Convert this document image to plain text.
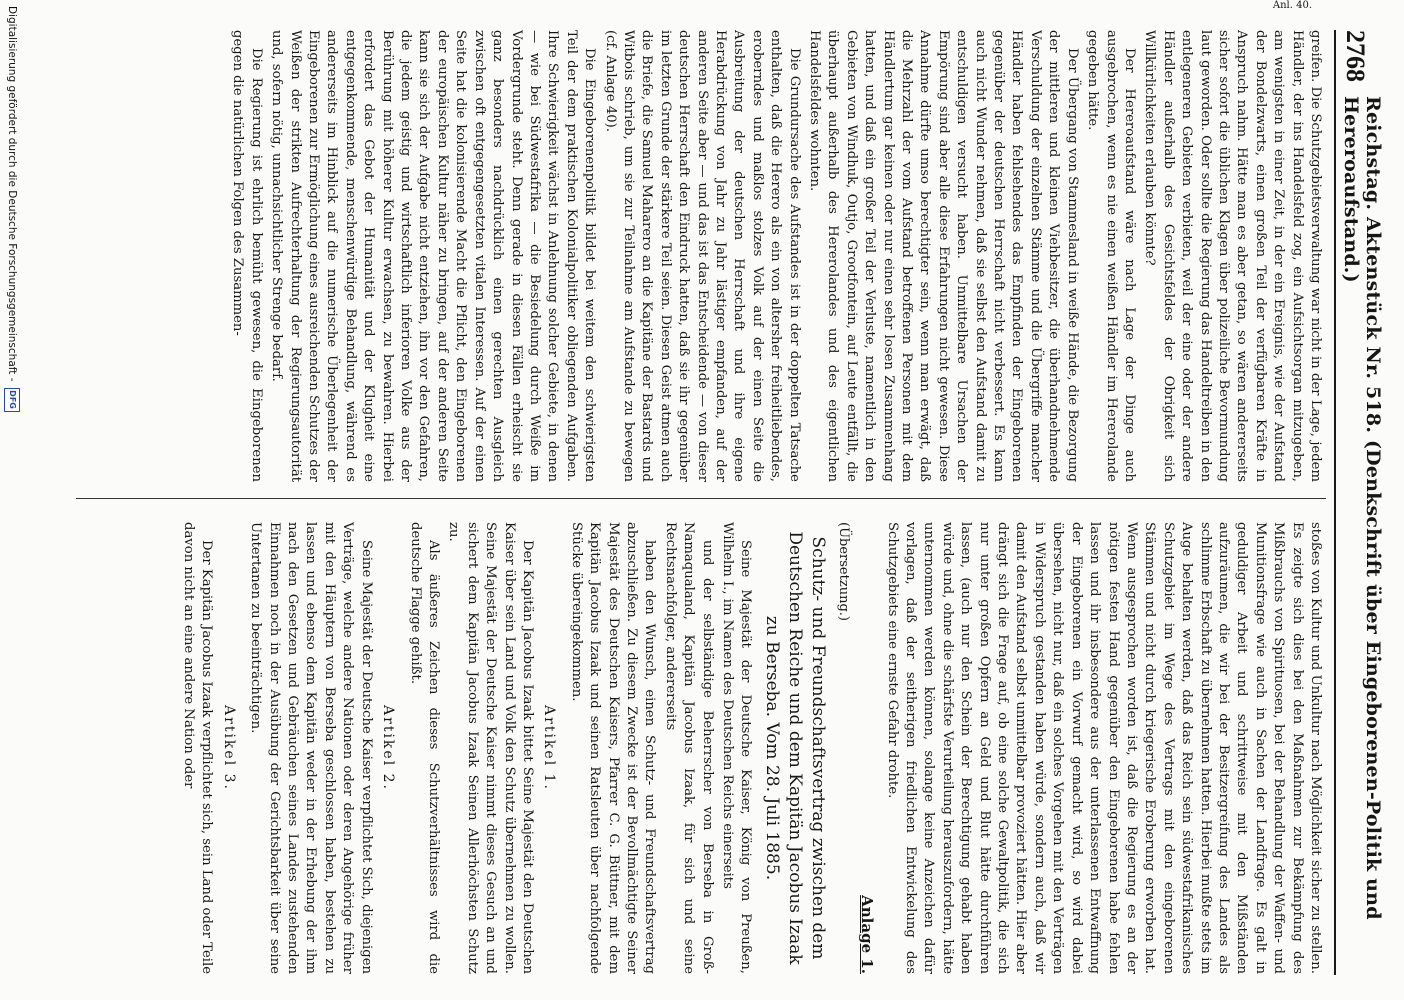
2768
Reichstag. Aktenstück Nr. 518. (Denkschrift über Eingeborenen-Politik und Hereroaufstand.)
Anl. 40.

greifen. Die Schutzgebietsverwaltung war nicht in der Lage, jedem Händler, der ins Handelsfeld zog, ein Aufsichtsorgan mitzugeben, am wenigsten in einer Zeit, in der ein Ereignis, wie der Aufstand der Bondelzwarts, einen großen Teil der verfügbaren Kräfte in Anspruch nahm. Hätte man es aber getan, so wären andererseits sicher sofort die üblichen Klagen über polizeiliche Bevormundung laut geworden. Oder sollte die Regierung das Handeltreiben in den entlegeneren Gebieten verbieten, weil der eine oder der andere Händler außerhalb des Gesichtsfeldes der Obrigkeit sich Willkürlichkeiten erlauben könnte?

Der Hereroaufstand wäre nach Lage der Dinge auch ausgebrochen, wenn es nie einen weißen Händler im Hererolande gegeben hätte.

Der Übergang von Stammesland in weiße Hände, die Bezorgung der mittleren und kleinen Viehbesitzer, die überhandnehmende Verschuldung der einzelnen Stämme und die Übergriffe mancher Händler haben fehlsehendes das Empfinden der Eingeborenen gegenüber der deutschen Herrschaft nicht verbessert. Es kann auch nicht Wunder nehmen, daß sie selbst den Aufstand damit zu entschuldigen versucht haben. Unmittelbare Ursachen der Empörung sind aber alle diese Erfahrungen nicht gewesen. Diese Annahme dürfte umso berechtigter sein, wenn man erwägt, daß die Mehrzahl der vom Aufstand betroffenen Personen mit dem Händlertum gar keinen oder nur einen sehr losen Zusammenhang hatten, und daß ein großer Teil der Verluste, namentlich in den Gebieten von Windhuk, Outjo, Grootfontein, auf Leute entfällt, die überhaupt außerhalb des Hererolandes und des eigentlichen Handelsfeldes wohnten.

Die Grundursache des Aufstandes ist in der doppelten Tatsache enthalten, daß die Herero als ein von altersher freiheitliebendes, eroberndes und maßlos stolzes Volk auf der einen Seite die Ausbreitung der deutschen Herrschaft und ihre eigene Herabdrückung von Jahr zu Jahr lästiger empfanden, auf der anderen Seite aber — und das ist das Entscheidende — von dieser deutschen Herrschaft den Eindruck hatten, daß sie ihr gegenüber im letzten Grunde der stärkere Teil seien. Diesen Geist atmen auch die Briefe, die Samuel Maharero an die Kapitäne der Bastards und Witbois schrieb, um sie zur Teilnahme am Aufstande zu bewegen (cf. Anlage 40).

Die Eingeborenenpolitik bildet bei weitem den schwierigsten Teil der dem praktischen Kolonialpolitiker obliegenden Aufgaben. Ihre Schwierigkeit wächst in Anlehnung solcher Gebiete, in denen — wie bei Südwestafrika — die Besiedelung durch Weiße im Vordergrunde steht. Denn gerade in diesen Fällen erheischt sie ganz besonders nachdrücklich einen gerechten Ausgleich zwischen oft entgegengesetzten vitalen Interessen. Auf der einen Seite hat die kolonisierende Macht die Pflicht, den Eingeborenen der europäischen Kultur näher zu bringen, auf der anderen Seite kann sie sich der Aufgabe nicht entziehen, ihn vor den Gefahren, die jedem geistig und wirtschaftlich inferioren Volke aus der Berührung mit höherer Kultur erwachsen, zu bewahren. Hierbei erfordert das Gebot der Humanität und der Klugheit eine entgegenkommende, menschenwürdige Behandlung, während es andererseits im Hinblick auf die numerische Überlegenheit der Eingeborenen zur Ermöglichung eines ausreichenden Schutzes der Weißen der strikten Aufrechterhaltung der Regierungsautorität und, sofern nötig, unnachsichtlicher Strenge bedarf.

Die Regierung ist ehrlich bemüht gewesen, die Eingeborenen gegen die natürlichen Folgen des Zusammen-

stoßes von Kultur und Unkultur nach Möglichkeit sicher zu stellen. Es zeigte sich dies bei den Maßnahmen zur Bekämpfung des Mißbrauchs von Spirituosen, bei der Behandlung der Waffen- und Munitionsfrage wie auch in Sachen der Landfrage. Es galt in geduldiger Arbeit und schrittweise mit den Mißständen aufzuräumen, die wir bei der Besitzergreifung des Landes als schlimme Erbschaft zu übernehmen hatten. Hierbei mußte stets im Auge behalten werden, daß das Reich sein südwestafrikanisches Schutzgebiet im Wege des Vertrags mit den eingeborenen Stämmen und nicht durch kriegerische Eroberung erworben hat. Wenn ausgesprochen worden ist, daß die Regierung es an der nötigen festen Hand gegenüber den Eingeborenen habe fehlen lassen und ihr insbesondere aus der unterlassenen Entwaffnung der Eingeborenen ein Vorwurf gemacht wird, so wird dabei übersehen, nicht nur, daß ein solches Vorgehen mit den Verträgen in Widerspruch gestanden haben würde, sondern auch, daß wir damit den Aufstand selbst unmittelbar provoziert hätten. Hier aber drängt sich die Frage auf, ob eine solche Gewaltpolitik, die sich nur unter großen Opfern an Geld und Blut hätte durchführen lassen, (auch nur den Schein der Berechtigung gehabt haben würde und, ohne die schärfste Verurteilung herauszufordern, hätte unternommen werden können, solange keine Anzeichen dafür vorlagen, daß der seitherigen friedlichen Entwickelung des Schutzgebiets eine ernste Gefahr drohte.

Anlage 1.
(Übersetzung.)
Schutz- und Freundschaftsvertrag zwischen dem Deutschen Reiche und dem Kapitän Jacobus Izaak zu Berseba. Vom 28. Juli 1885.

Seine Majestät der Deutsche Kaiser, König von Preußen, Wilhelm I., im Namen des Deutschen Reichs einerseits

und der selbständige Beherrscher von Berseba in Groß-Namaqualand, Kapitän Jacobus Izaak, für sich und seine Rechtsnachfolger, andererseits

haben den Wunsch, einen Schutz- und Freundschaftsvertrag abzuschließen. Zu diesem Zwecke ist der Bevollmächtigte Seiner Majestät des Deutschen Kaisers, Pfarrer C. G. Büttner, mit dem Kapitän Jacobus Izaak und seinen Ratsleuten über nachfolgende Stücke übereingekommen.

Artikel 1.

Der Kapitän Jacobus Izaak bittet Seine Majestät den Deutschen Kaiser über sein Land und Volk den Schutz übernehmen zu wollen. Seine Majestät der Deutsche Kaiser nimmt dieses Gesuch an und sichert dem Kapitän Jacobus Izaak Seinen Allerhöchsten Schutz zu.

Als äußeres Zeichen dieses Schutzverhältnisses wird die deutsche Flagge gehißt.

Artikel 2.

Seine Majestät der Deutsche Kaiser verpflichtet Sich, diejenigen Verträge, welche andere Nationen oder deren Angehörige früher mit den Häuptern von Berseba geschlossen haben, bestehen zu lassen und ebenso dem Kapitän weder in der Erhebung der ihm nach den Gesetzen und Gebräuchen seines Landes zustehenden Einnahmen noch in der Ausübung der Gerichtsbarkeit über seine Untertanen zu beeinträchtigen.

Artikel 3.

Der Kapitän Jacobus Izaak verpflichtet sich, sein Land oder Teile davon nicht an eine andere Nation oder

Digitalisierung gefördert durch die Deutsche Forschungsgemeinschaft -
DFG
